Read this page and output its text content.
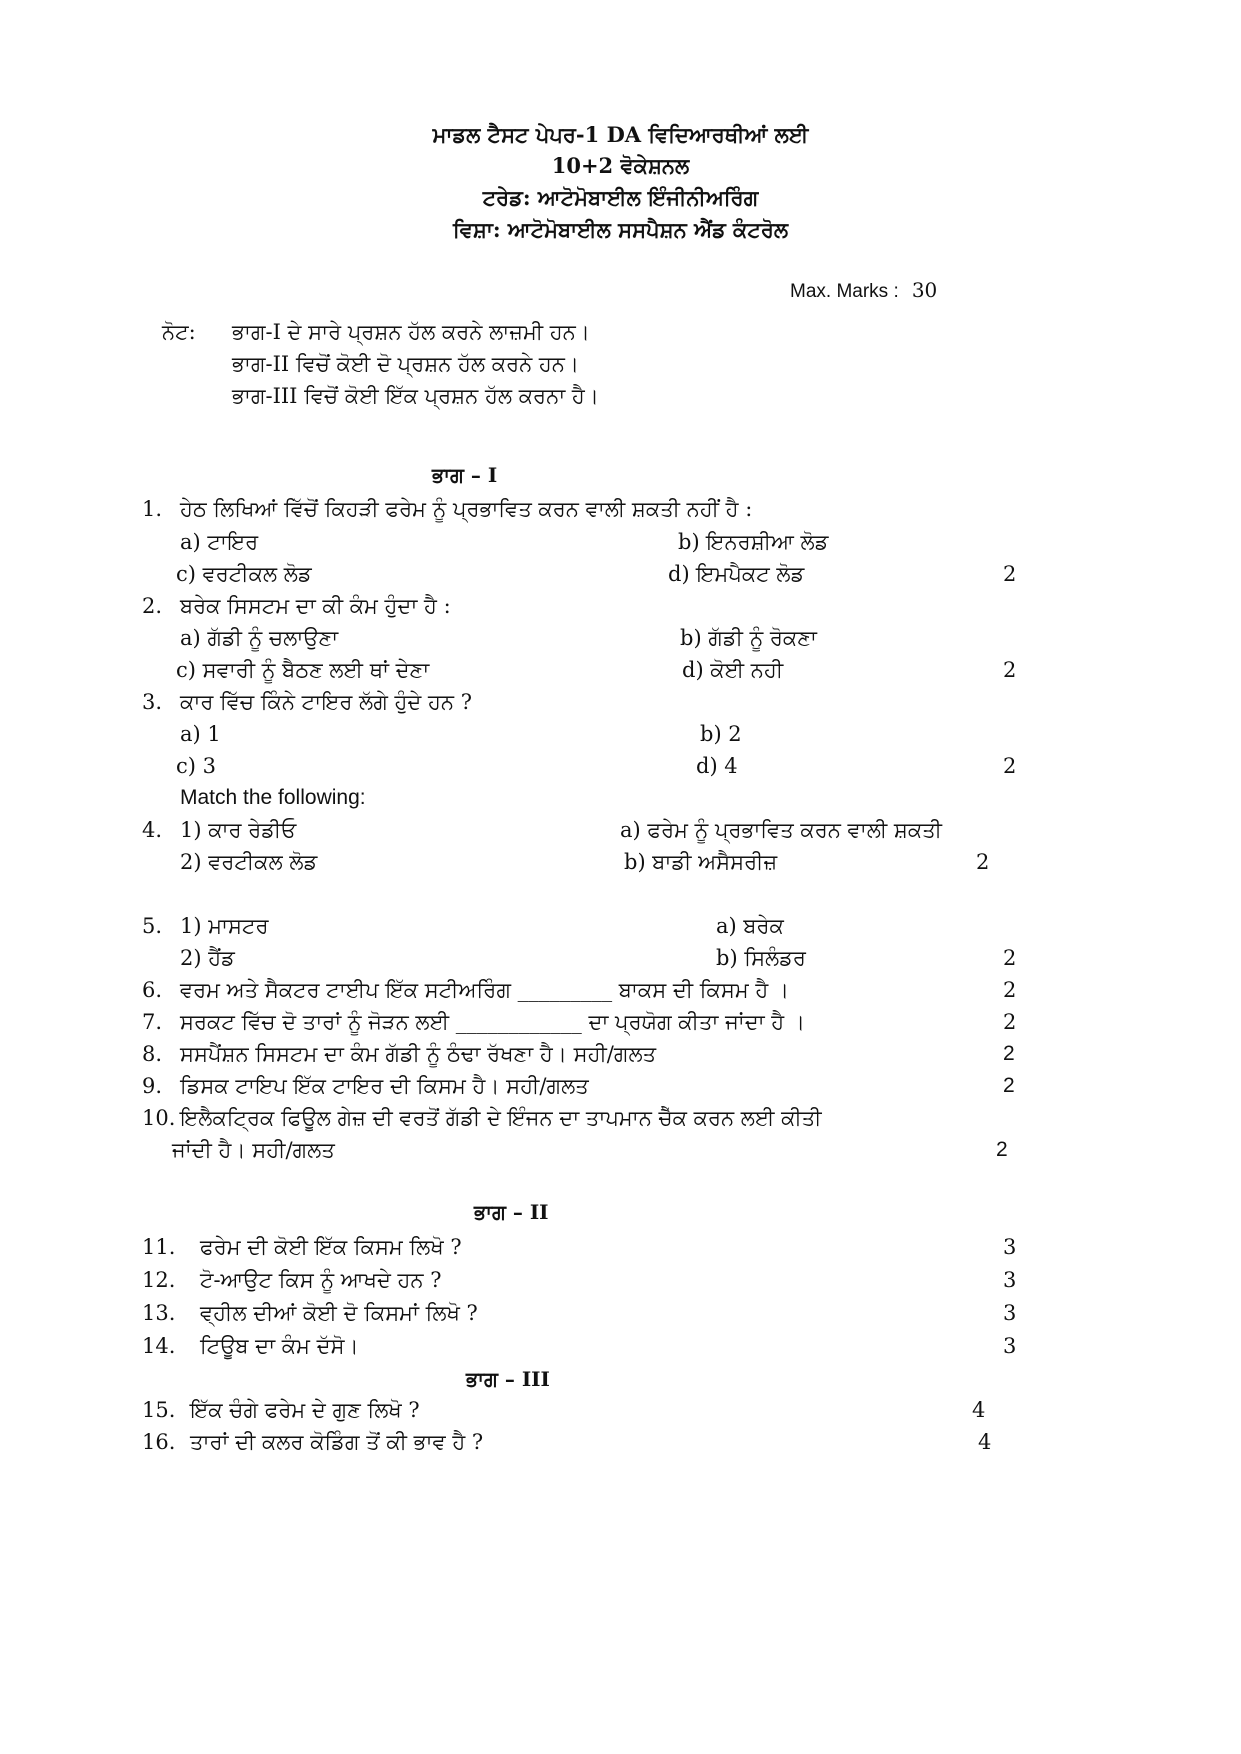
ਮਾਡਲ ਟੈਸਟ ਪੇਪਰ-1 DA ਵਿਦਿਆਰਥੀਆਂ ਲਈ
10+2 ਵੋਕੇਸ਼ਨਲ
ਟਰੇਡ: ਆਟੋਮੋਬਾਈਲ ਇੰਜੀਨੀਅਰਿੰਗ
ਵਿਸ਼ਾ: ਆਟੋਮੋਬਾਈਲ ਸਸਪੈਸ਼ਨ ਐਂਡ ਕੰਟਰੋਲ
Max. Marks : 30
ਨੋਟ: ਭਾਗ-I ਦੇ ਸਾਰੇ ਪ੍ਰਸ਼ਨ ਹੱਲ ਕਰਨੇ ਲਾਜ਼ਮੀ ਹਨ।
ਭਾਗ-II ਵਿਚੋਂ ਕੋਈ ਦੋ ਪ੍ਰਸ਼ਨ ਹੱਲ ਕਰਨੇ ਹਨ।
ਭਾਗ-III ਵਿਚੋਂ ਕੋਈ ਇੱਕ ਪ੍ਰਸ਼ਨ ਹੱਲ ਕਰਨਾ ਹੈ।
ਭਾਗ – I
1. ਹੇਠ ਲਿਖਿਆਂ ਵਿੱਚੋਂ ਕਿਹੜੀ ਫਰੇਮ ਨੂੰ ਪ੍ਰਭਾਵਿਤ ਕਰਨ ਵਾਲੀ ਸ਼ਕਤੀ ਨਹੀਂ ਹੈ :
a) ਟਾਇਰ	b) ਇਨਰਸ਼ੀਆ ਲੋਡ
c) ਵਰਟੀਕਲ ਲੋਡ	d) ਇਮਪੈਕਟ ਲੋਡ	2
2. ਬਰੇਕ ਸਿਸਟਮ ਦਾ ਕੀ ਕੰਮ ਹੁੰਦਾ ਹੈ :
a) ਗੱਡੀ ਨੂੰ ਚਲਾਉਣਾ	b) ਗੱਡੀ ਨੂੰ ਰੋਕਣਾ
c) ਸਵਾਰੀ ਨੂੰ ਬੈਠਣ ਲਈ ਥਾਂ ਦੇਣਾ	d) ਕੋਈ ਨਹੀ	2
3. ਕਾਰ ਵਿੱਚ ਕਿੰਨੇ ਟਾਇਰ ਲੱਗੇ ਹੁੰਦੇ ਹਨ ?
a) 1	b) 2
c) 3	d) 4	2
Match the following:
4. 1) ਕਾਰ ਰੇਡੀਓ	a) ਫਰੇਮ ਨੂੰ ਪ੍ਰਭਾਵਿਤ ਕਰਨ ਵਾਲੀ ਸ਼ਕਤੀ
2) ਵਰਟੀਕਲ ਲੋਡ	b) ਬਾਡੀ ਅਸੈਸਰੀਜ਼	2
5. 1) ਮਾਸਟਰ	a) ਬਰੇਕ
2) ਹੈਂਡ	b) ਸਿਲੰਡਰ	2
6. ਵਰਮ ਅਤੇ ਸੈਕਟਰ ਟਾਈਪ ਇੱਕ ਸਟੀਅਰਿੰਗ _________ ਬਾਕਸ ਦੀ ਕਿਸਮ ਹੈ ।	2
7. ਸਰਕਟ ਵਿੱਚ ਦੋ ਤਾਰਾਂ ਨੂੰ ਜੋੜਨ ਲਈ ____________ ਦਾ ਪ੍ਰਯੋਗ ਕੀਤਾ ਜਾਂਦਾ ਹੈ ।	2
8. ਸਸਪੈਂਸ਼ਨ ਸਿਸਟਮ ਦਾ ਕੰਮ ਗੱਡੀ ਨੂੰ ਠੰਢਾ ਰੱਖਣਾ ਹੈ। ਸਹੀ/ਗਲਤ	2
9. ਡਿਸਕ ਟਾਇਪ ਇੱਕ ਟਾਇਰ ਦੀ ਕਿਸਮ ਹੈ। ਸਹੀ/ਗਲਤ	2
10. ਇਲੈਕਟ੍ਰਿਕ ਫਿਊਲ ਗੇਜ਼ ਦੀ ਵਰਤੋਂ ਗੱਡੀ ਦੇ ਇੰਜਨ ਦਾ ਤਾਪਮਾਨ ਚੈੱਕ ਕਰਨ ਲਈ ਕੀਤੀ
ਜਾਂਦੀ ਹੈ। ਸਹੀ/ਗਲਤ	2
ਭਾਗ – II
11. ਫਰੇਮ ਦੀ ਕੋਈ ਇੱਕ ਕਿਸਮ ਲਿਖੋ ?	3
12. ਟੋ-ਆਉਟ ਕਿਸ ਨੂੰ ਆਖਦੇ ਹਨ ?	3
13. ਵ੍ਹੀਲ ਦੀਆਂ ਕੋਈ ਦੋ ਕਿਸਮਾਂ ਲਿਖੋ ?	3
14. ਟਿਊਬ ਦਾ ਕੰਮ ਦੱਸੋ।	3
ਭਾਗ – III
15. ਇੱਕ ਚੰਗੇ ਫਰੇਮ ਦੇ ਗੁਣ ਲਿਖੋ ?	4
16. ਤਾਰਾਂ ਦੀ ਕਲਰ ਕੋਡਿੰਗ ਤੋਂ ਕੀ ਭਾਵ ਹੈ ?	4
